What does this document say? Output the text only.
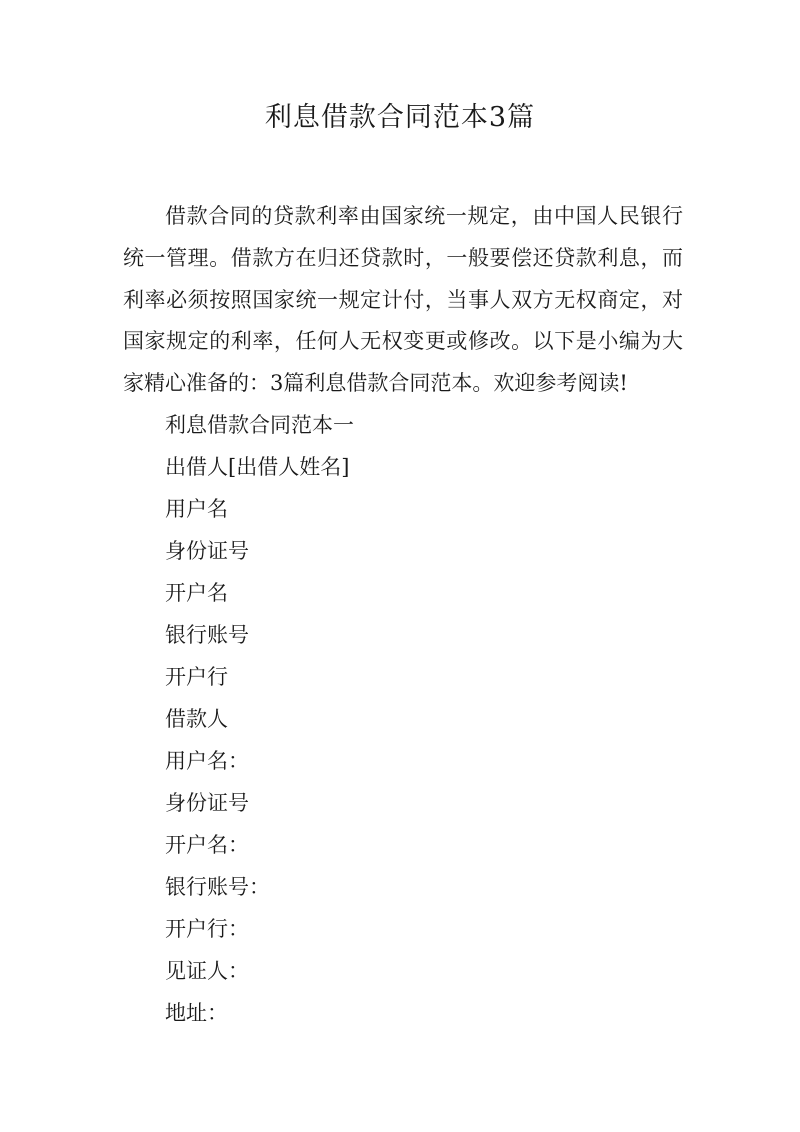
利息借款合同范本3篇

借款合同的贷款利率由国家统一规定，由中国人民银行统一管理。借款方在归还贷款时，一般要偿还贷款利息，而利率必须按照国家统一规定计付，当事人双方无权商定，对国家规定的利率，任何人无权变更或修改。以下是小编为大家精心准备的：3篇利息借款合同范本。欢迎参考阅读!

利息借款合同范本一
出借人[出借人姓名]
用户名
身份证号
开户名
银行账号
开户行
借款人
用户名：
身份证号
开户名：
银行账号：
开户行：
见证人：
地址：
